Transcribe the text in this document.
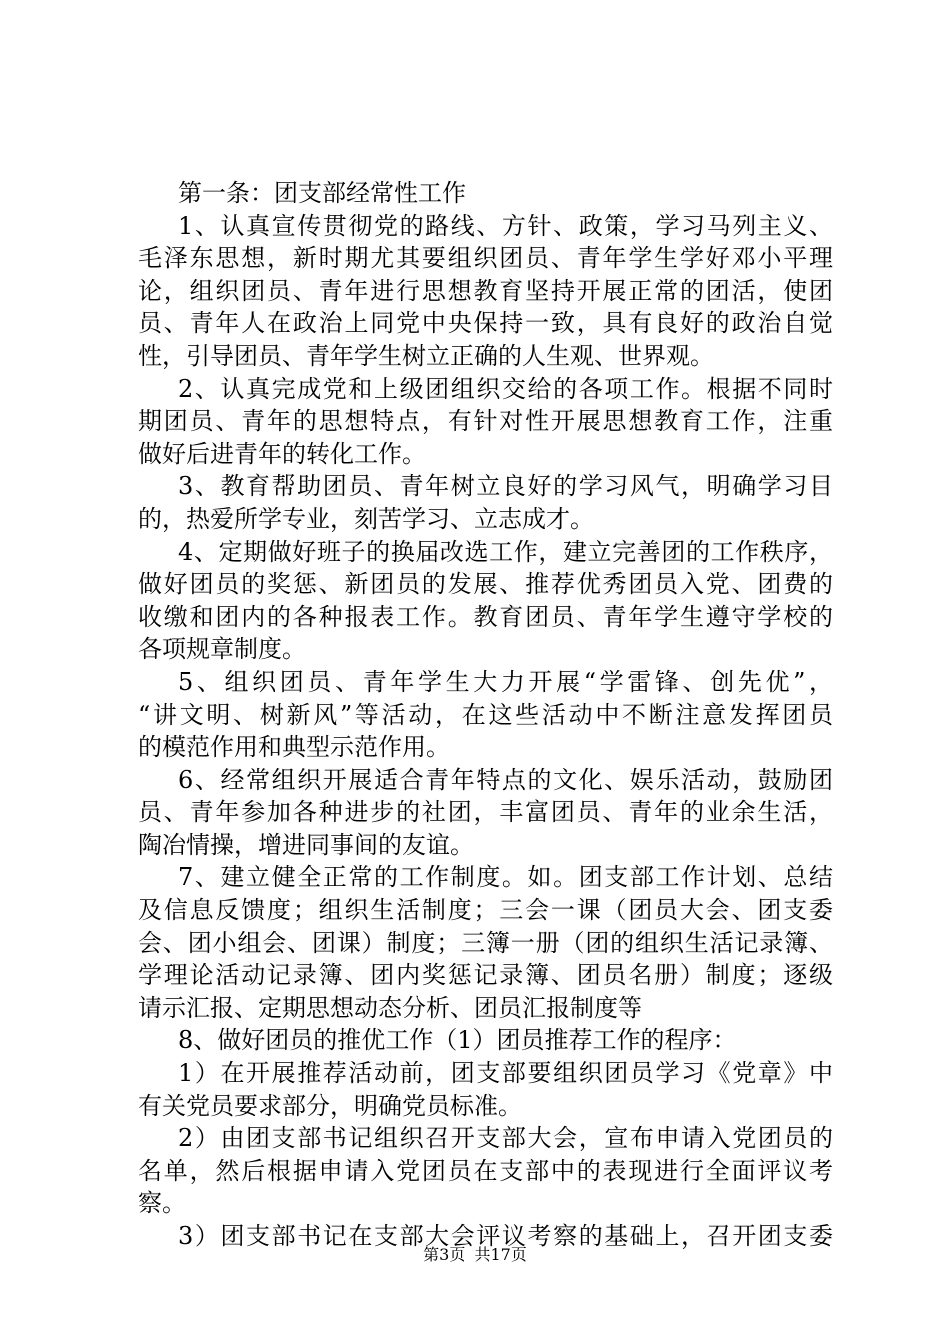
第一条：团支部经常性工作
1、认真宣传贯彻党的路线、方针、政策，学习马列主义、
毛泽东思想，新时期尤其要组织团员、青年学生学好邓小平理
论，组织团员、青年进行思想教育坚持开展正常的团活，使团
员、青年人在政治上同党中央保持一致，具有良好的政治自觉
性，引导团员、青年学生树立正确的人生观、世界观。
2、认真完成党和上级团组织交给的各项工作。根据不同时
期团员、青年的思想特点，有针对性开展思想教育工作，注重
做好后进青年的转化工作。
3、教育帮助团员、青年树立良好的学习风气，明确学习目
的，热爱所学专业，刻苦学习、立志成才。
4、定期做好班子的换届改选工作，建立完善团的工作秩序，
做好团员的奖惩、新团员的发展、推荐优秀团员入党、团费的
收缴和团内的各种报表工作。教育团员、青年学生遵守学校的
各项规章制度。
5、组织团员、青年学生大力开展“学雷锋、创先优”，
“讲文明、树新风”等活动，在这些活动中不断注意发挥团员
的模范作用和典型示范作用。
6、经常组织开展适合青年特点的文化、娱乐活动，鼓励团
员、青年参加各种进步的社团，丰富团员、青年的业余生活，
陶冶情操，增进同事间的友谊。
7、建立健全正常的工作制度。如。团支部工作计划、总结
及信息反馈度；组织生活制度；三会一课（团员大会、团支委
会、团小组会、团课）制度；三簿一册（团的组织生活记录簿、
学理论活动记录簿、团内奖惩记录簿、团员名册）制度；逐级
请示汇报、定期思想动态分析、团员汇报制度等
8、做好团员的推优工作（1）团员推荐工作的程序：
1）在开展推荐活动前，团支部要组织团员学习《党章》中
有关党员要求部分，明确党员标准。
2）由团支部书记组织召开支部大会，宣布申请入党团员的
名单，然后根据申请入党团员在支部中的表现进行全面评议考
察。
3）团支部书记在支部大会评议考察的基础上，召开团支委
第3页 共17页
